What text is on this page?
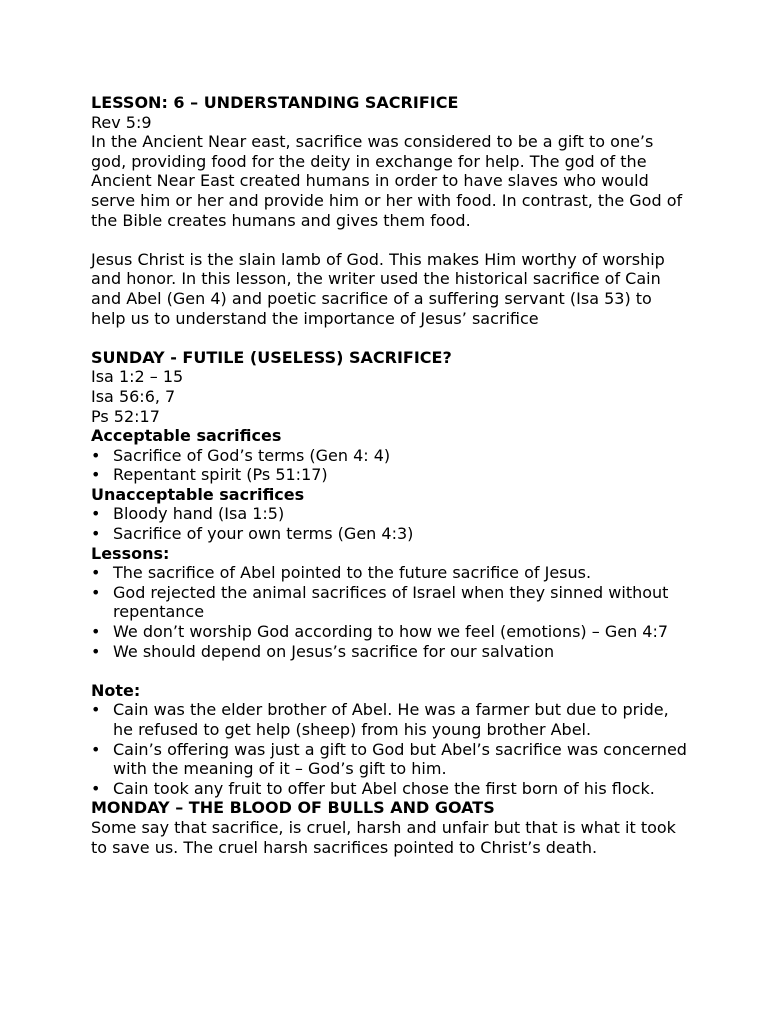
LESSON: 6 – UNDERSTANDING SACRIFICE

Rev 5:9

In the Ancient Near east, sacrifice was considered to be a gift to one’s god, providing food for the deity in exchange for help. The god of the Ancient Near East created humans in order to have slaves who would serve him or her and provide him or her with food. In contrast, the God of the Bible creates humans and gives them food.

Jesus Christ is the slain lamb of God. This makes Him worthy of worship and honor. In this lesson, the writer used the historical sacrifice of Cain and Abel (Gen 4) and poetic sacrifice of a suffering servant (Isa 53) to help us to understand the importance of Jesus’ sacrifice

SUNDAY - FUTILE (USELESS) SACRIFICE?

Isa 1:2 – 15

Isa 56:6, 7

Ps 52:17

Acceptable sacrifices

• Sacrifice of God’s terms (Gen 4: 4)
• Repentant spirit (Ps 51:17)

Unacceptable sacrifices

• Bloody hand (Isa 1:5)
• Sacrifice of your own terms (Gen 4:3)

Lessons:

• The sacrifice of Abel pointed to the future sacrifice of Jesus.
• God rejected the animal sacrifices of Israel when they sinned without repentance
• We don’t worship God according to how we feel (emotions) – Gen 4:7
• We should depend on Jesus’s sacrifice for our salvation

Note:

• Cain was the elder brother of Abel. He was a farmer but due to pride, he refused to get help (sheep) from his young brother Abel.
• Cain’s offering was just a gift to God but Abel’s sacrifice was concerned with the meaning of it – God’s gift to him.
• Cain took any fruit to offer but Abel chose the first born of his flock.

MONDAY – THE BLOOD OF BULLS AND GOATS

Some say that sacrifice, is cruel, harsh and unfair but that is what it took to save us. The cruel harsh sacrifices pointed to Christ’s death.
